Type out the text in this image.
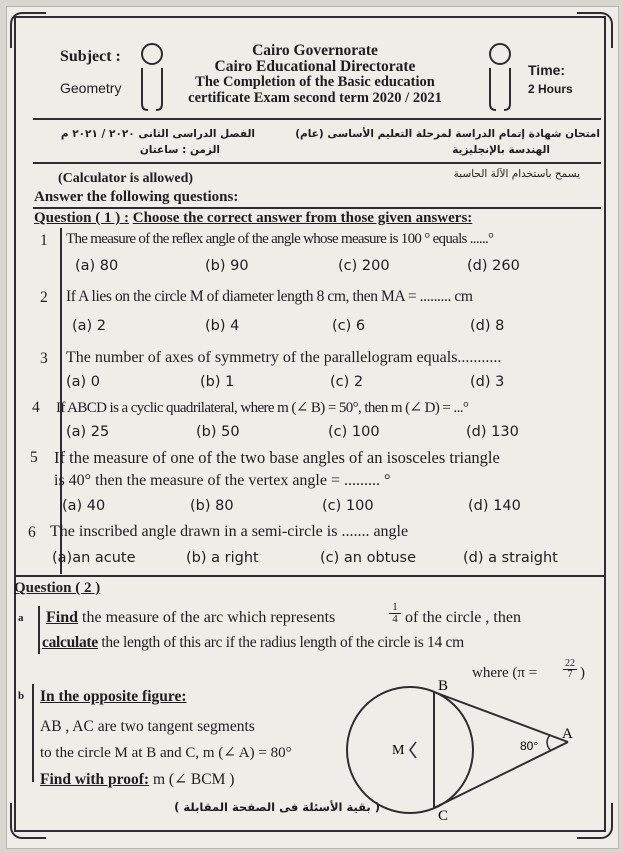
Subject :
Geometry
Cairo Governorate
Cairo Educational Directorate
The Completion of the Basic education
certificate Exam second term 2020 / 2021
Time:
2 Hours
الفصل الدراسى الثانى ٢٠٢٠ / ٢٠٢١ م
الزمن : ساعتان
امتحان شهادة إتمام الدراسة لمرحلة التعليم الأساسى (عام)
الهندسة بالإنجليزية
(Calculator is allowed)	يسمح باستخدام الآلة الحاسبة
Answer the following questions:
Question ( 1 ) : Choose the correct answer from those given answers:
1 The measure of the reflex angle of the angle whose measure is 100 ° equals ......°
(a) 80	(b) 90	(c) 200	(d) 260
2 If A lies on the circle M of diameter length 8 cm, then MA = ......... cm
(a) 2	(b) 4	(c) 6	(d) 8
3 The number of axes of symmetry of the parallelogram equals...........
(a) 0	(b) 1	(c) 2	(d) 3
4 If ABCD is a cyclic quadrilateral, where m (∠ B) = 50°, then m (∠ D) = ...°
(a) 25	(b) 50	(c) 100	(d) 130
5 If the measure of one of the two base angles of an isosceles triangle
is 40° then the measure of the vertex angle = ......... °
(a) 40	(b) 80	(c) 100	(d) 140
6 The inscribed angle drawn in a semi-circle is ....... angle
(a)an acute	(b) a right	(c) an obtuse	(d) a straight
Question ( 2 )
a Find the measure of the arc which represents
1
4 of the circle , then
calculate the length of this arc if the radius length of the circle is 14 cm
where (π =
22
7 )
b In the opposite figure:
AB , AC are two tangent segments
to the circle M at B and C, m (∠ A) = 80°
Find with proof: m (∠ BCM )
( بقية الأسئلة فى الصفحة المقابلة )
B
C
M
A
80°
